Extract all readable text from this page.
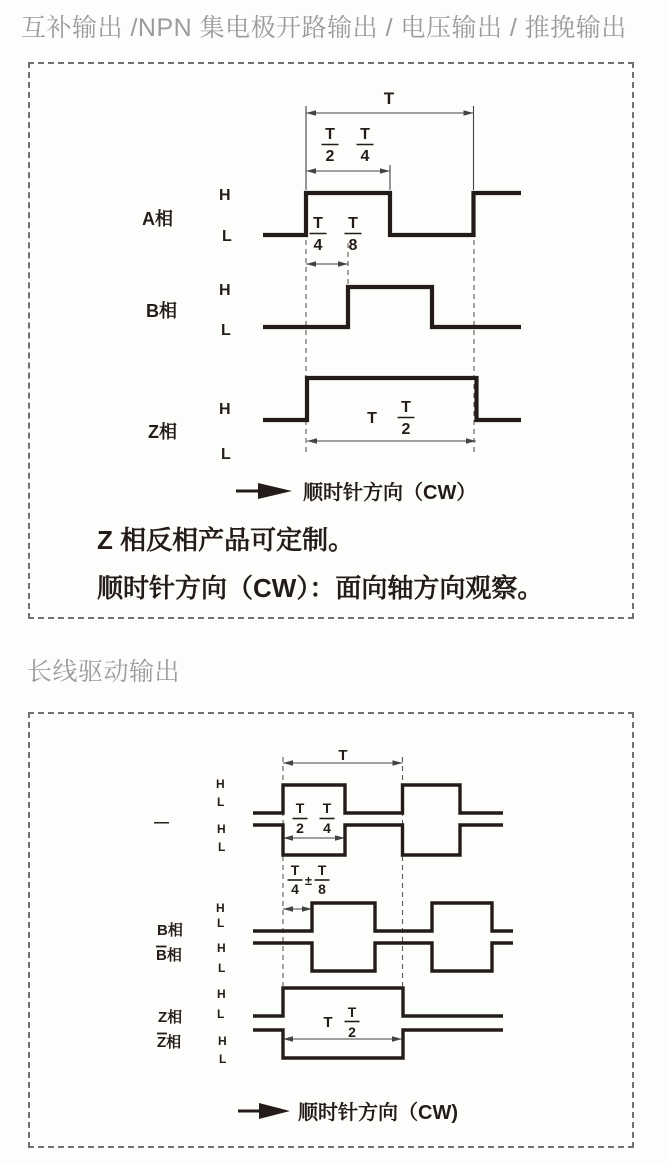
互补输出 /NPN 集电极开路输出 / 电压输出 / 推挽输出
T
T
2
T
4
T
4
T
8
A相
H
L
B相
H
L
Z相
H
L
T
T
2
顺时针方向（CW）
Z 相反相产品可定制。
顺时针方向（CW）：面向轴方向观察。
长线驱动输出
T
—
H
L
H
L
T
2
T
4
T
4
±
T
8
B相
B相
H
L
H
L
Z相
Z相
H
L
H
L
T
T
2
顺时针方向（CW)
